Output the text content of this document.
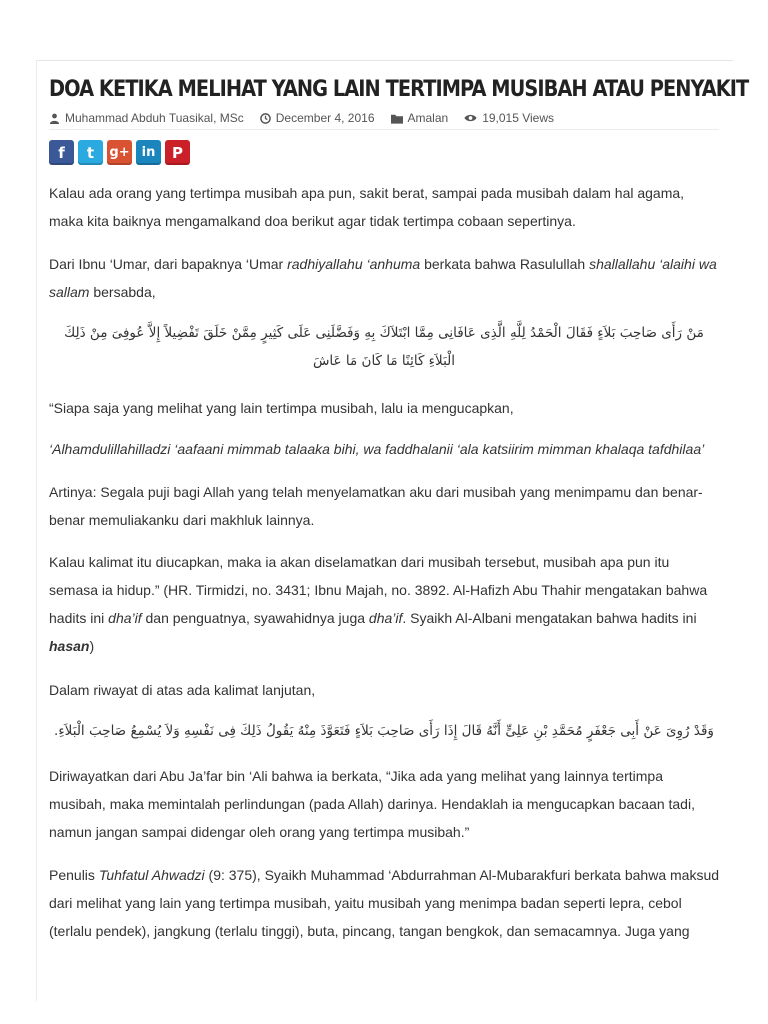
DOA KETIKA MELIHAT YANG LAIN TERTIMPA MUSIBAH ATAU PENYAKIT
Muhammad Abduh Tuasikal, MSc	December 4, 2016	Amalan	19,015 Views
f	t	g+ in	P

Kalau ada orang yang tertimpa musibah apa pun, sakit berat, sampai pada musibah dalam hal agama, maka kita baiknya mengamalkand doa berikut agar tidak tertimpa cobaan sepertinya.

Dari Ibnu ‘Umar, dari bapaknya ‘Umar radhiyallahu ‘anhuma berkata bahwa Rasulullah shallallahu ‘alaihi wa sallam bersabda,

مَنْ رَأَى صَاحِبَ بَلاَءٍ فَقَالَ الْحَمْدُ لِلَّهِ الَّذِى عَافَانِى مِمَّا ابْتَلاَكَ بِهِ وَفَضَّلَنِى عَلَى كَثِيرٍ مِمَّنْ خَلَقَ تَفْضِيلاً إِلاَّ عُوفِىَ مِنْ ذَلِكَ الْبَلاَءِ كَائِنًا مَا كَانَ مَا عَاشَ

“Siapa saja yang melihat yang lain tertimpa musibah, lalu ia mengucapkan,

‘Alhamdulillahilladzi ‘aafaani mimmab talaaka bihi, wa faddhalanii ‘ala katsiirim mimman khalaqa tafdhilaa’

Artinya: Segala puji bagi Allah yang telah menyelamatkan aku dari musibah yang menimpamu dan benar-benar memuliakanku dari makhluk lainnya.

Kalau kalimat itu diucapkan, maka ia akan diselamatkan dari musibah tersebut, musibah apa pun itu semasa ia hidup.” (HR. Tirmidzi, no. 3431; Ibnu Majah, no. 3892. Al-Hafizh Abu Thahir mengatakan bahwa hadits ini dha’if dan penguatnya, syawahidnya juga dha’if. Syaikh Al-Albani mengatakan bahwa hadits ini hasan)

Dalam riwayat di atas ada kalimat lanjutan,

وَقَدْ رُوِىَ عَنْ أَبِى جَعْفَرٍ مُحَمَّدِ بْنِ عَلِىٍّ أَنَّهُ قَالَ إِذَا رَأَى صَاحِبَ بَلاَءٍ فَتَعَوَّذَ مِنْهُ يَقُولُ ذَلِكَ فِى نَفْسِهِ وَلاَ يُسْمِعُ صَاحِبَ الْبَلاَءِ.

Diriwayatkan dari Abu Ja’far bin ‘Ali bahwa ia berkata, “Jika ada yang melihat yang lainnya tertimpa musibah, maka memintalah perlindungan (pada Allah) darinya. Hendaklah ia mengucapkan bacaan tadi, namun jangan sampai didengar oleh orang yang tertimpa musibah.”

Penulis Tuhfatul Ahwadzi (9: 375), Syaikh Muhammad ‘Abdurrahman Al-Mubarakfuri berkata bahwa maksud dari melihat yang lain yang tertimpa musibah, yaitu musibah yang menimpa badan seperti lepra, cebol (terlalu pendek), jangkung (terlalu tinggi), buta, pincang, tangan bengkok, dan semacamnya. Juga yang
